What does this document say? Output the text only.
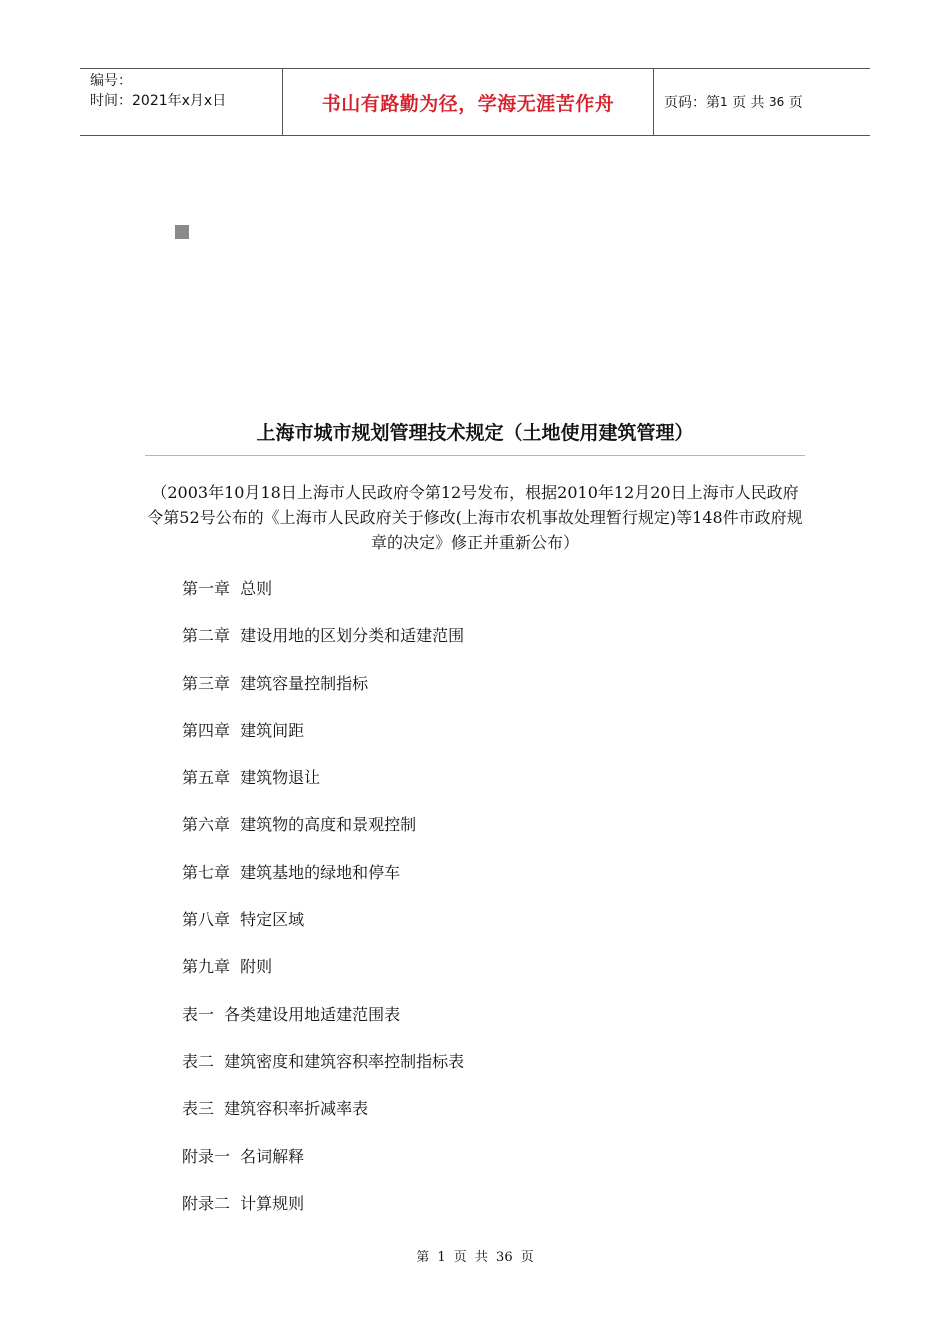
编号：
时间：2021年x月x日	书山有路勤为径，学海无涯苦作舟	页码：第 1
页 共
36
页
上海市城市规划管理技术规定（土地使用建筑管理）
（2003年10月18日上海市人民政府令第12号发布，根据2010年12月20日上海市人民政府令第52号公布的《上海市人民政府关于修改(上海市农机事故处理暂行规定)等148件市政府规章的决定》修正并重新公布）
第一章  总则
第二章  建设用地的区划分类和适建范围
第三章  建筑容量控制指标
第四章  建筑间距
第五章  建筑物退让
第六章  建筑物的高度和景观控制
第七章  建筑基地的绿地和停车
第八章  特定区域
第九章  附则
表一  各类建设用地适建范围表
表二  建筑密度和建筑容积率控制指标表
表三  建筑容积率折减率表
附录一  名词解释
附录二  计算规则
第 1 页 共 36 页
